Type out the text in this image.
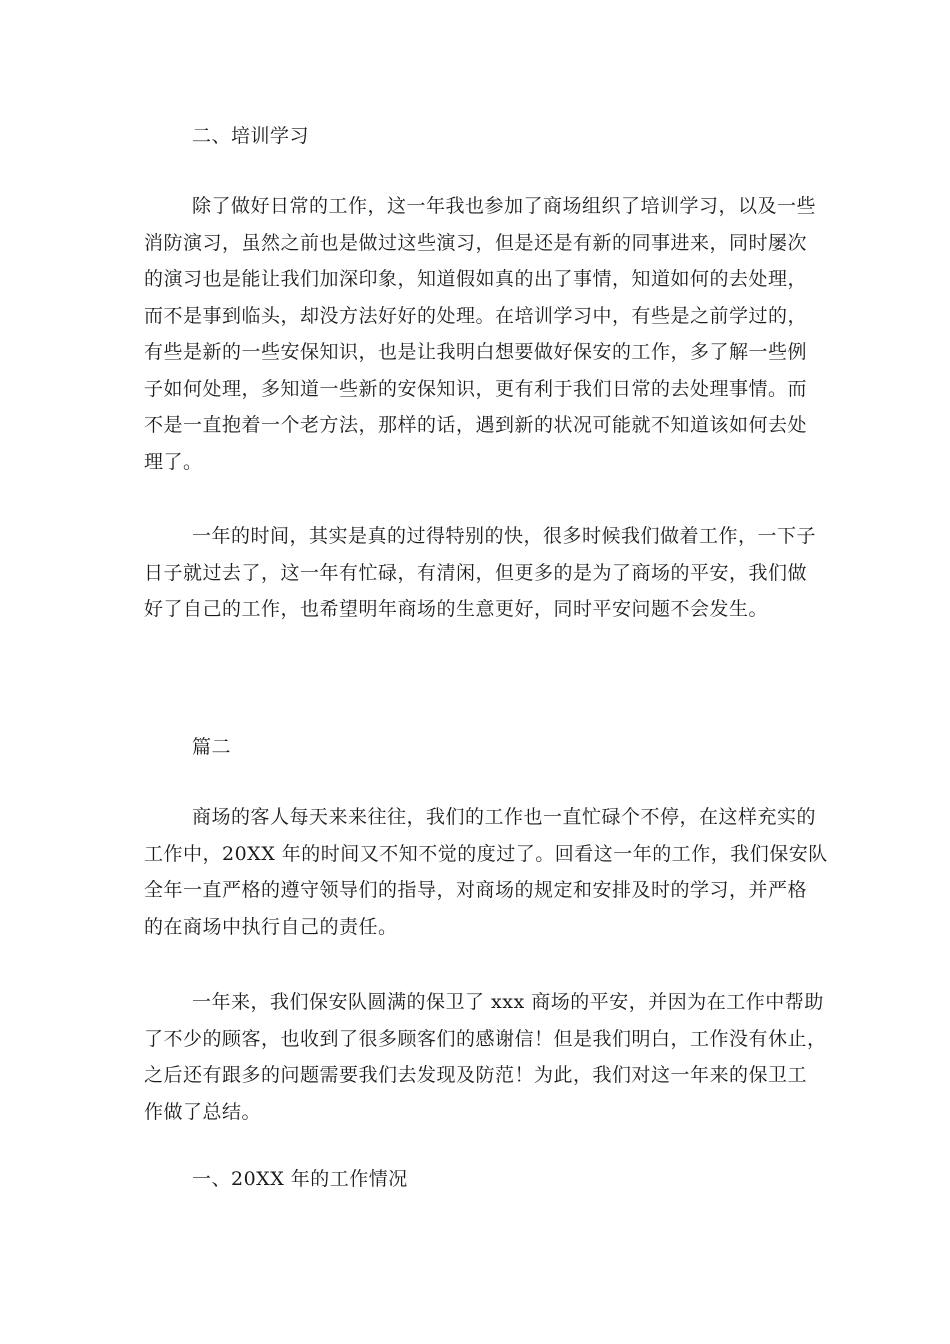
二、培训学习
除了做好日常的工作，这一年我也参加了商场组织了培训学习，以及一些
消防演习，虽然之前也是做过这些演习，但是还是有新的同事进来，同时屡次
的演习也是能让我们加深印象，知道假如真的出了事情，知道如何的去处理，
而不是事到临头，却没方法好好的处理。在培训学习中，有些是之前学过的，
有些是新的一些安保知识，也是让我明白想要做好保安的工作，多了解一些例
子如何处理，多知道一些新的安保知识，更有利于我们日常的去处理事情。而
不是一直抱着一个老方法，那样的话，遇到新的状况可能就不知道该如何去处
理了。
一年的时间，其实是真的过得特别的快，很多时候我们做着工作，一下子
日子就过去了，这一年有忙碌，有清闲，但更多的是为了商场的平安，我们做
好了自己的工作，也希望明年商场的生意更好，同时平安问题不会发生。
篇二
商场的客人每天来来往往，我们的工作也一直忙碌个不停，在这样充实的
工作中，20XX 年的时间又不知不觉的度过了。回看这一年的工作，我们保安队
全年一直严格的遵守领导们的指导，对商场的规定和安排及时的学习，并严格
的在商场中执行自己的责任。
一年来，我们保安队圆满的保卫了 xxx 商场的平安，并因为在工作中帮助
了不少的顾客，也收到了很多顾客们的感谢信！但是我们明白，工作没有休止，
之后还有跟多的问题需要我们去发现及防范！为此，我们对这一年来的保卫工
作做了总结。
一、20XX 年的工作情况
